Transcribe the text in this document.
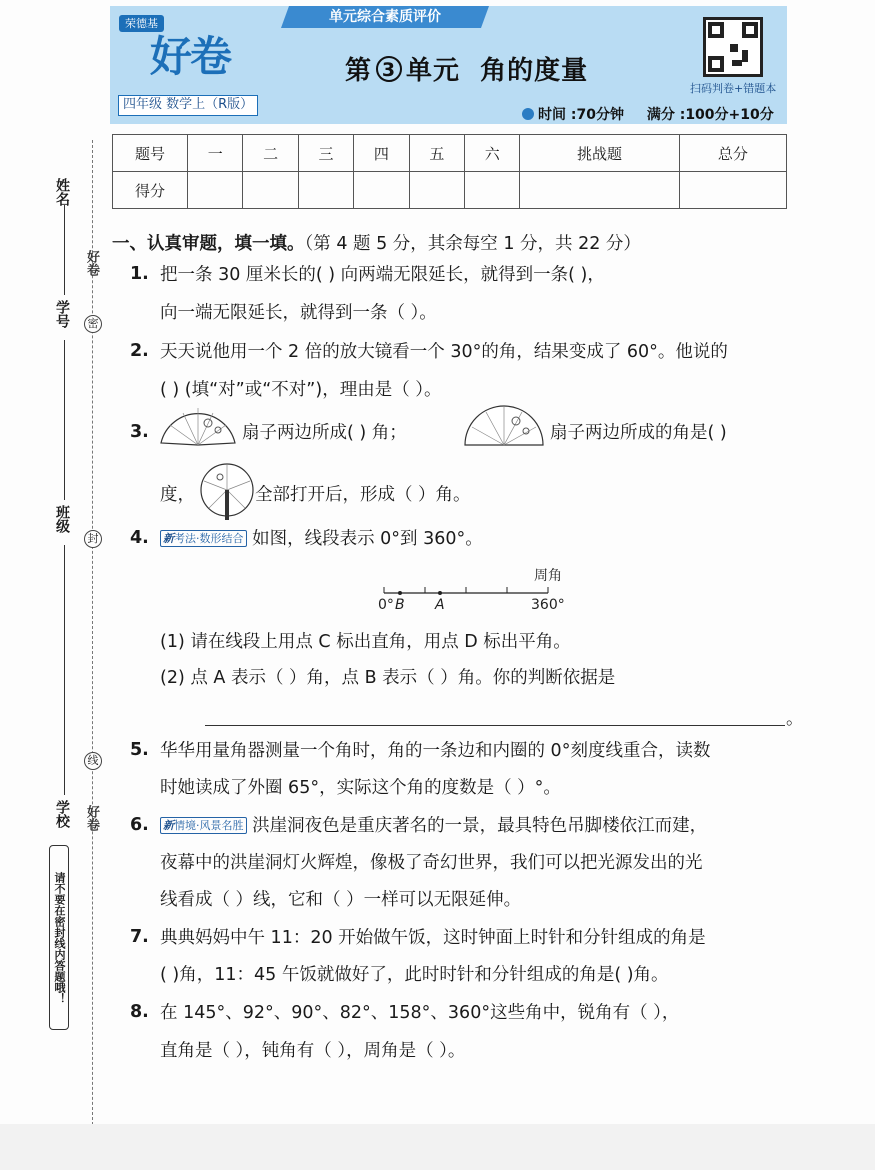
荣德基
好卷
四年级 数学上（R版）
单元综合素质评价
第 3 单元  角的度量
扫码判卷+错题本
时间 :70分钟 满分 :100分+10分
题号	一	二	三	四	五	六	挑战题	总分
得分								
姓名
学号
班级
学校
密
封
线
好卷
好卷
请不要在密封线内答题哦！
一、认真审题，填一填。（第 4 题 5 分，其余每空 1 分，共 22 分）
1. 把一条 30 厘米长的( ) 向两端无限延长，就得到一条( )，
向一端无限延长，就得到一条（ ）。
2. 天天说他用一个 2 倍的放大镜看一个 30°的角，结果变成了 60°。他说的
( ) (填“对”或“不对”)，理由是（ ）。
3.	扇子两边所成( ) 角；	扇子两边所成的角是( )
度，	全部打开后，形成（ ）角。
4. 新考法·数形结合 如图，线段表示 0°到 360°。
周角
0° B A	360°
(1) 请在线段上用点 C 标出直角，用点 D 标出平角。
(2) 点 A 表示（ ）角，点 B 表示（ ）角。你的判断依据是
。
5. 华华用量角器测量一个角时，角的一条边和内圈的 0°刻度线重合，读数
时她读成了外圈 65°，实际这个角的度数是（ ）°。
6. 新情境·风景名胜 洪崖洞夜色是重庆著名的一景，最具特色吊脚楼依江而建，
夜幕中的洪崖洞灯火辉煌，像极了奇幻世界，我们可以把光源发出的光
线看成（ ）线，它和（ ）一样可以无限延伸。
7. 典典妈妈中午 11：20 开始做午饭，这时钟面上时针和分针组成的角是
( )角，11：45 午饭就做好了，此时时针和分针组成的角是( )角。
8. 在 145°、92°、90°、82°、158°、360°这些角中，锐角有（ ），
直角是（ ），钝角有（ ），周角是（ ）。
